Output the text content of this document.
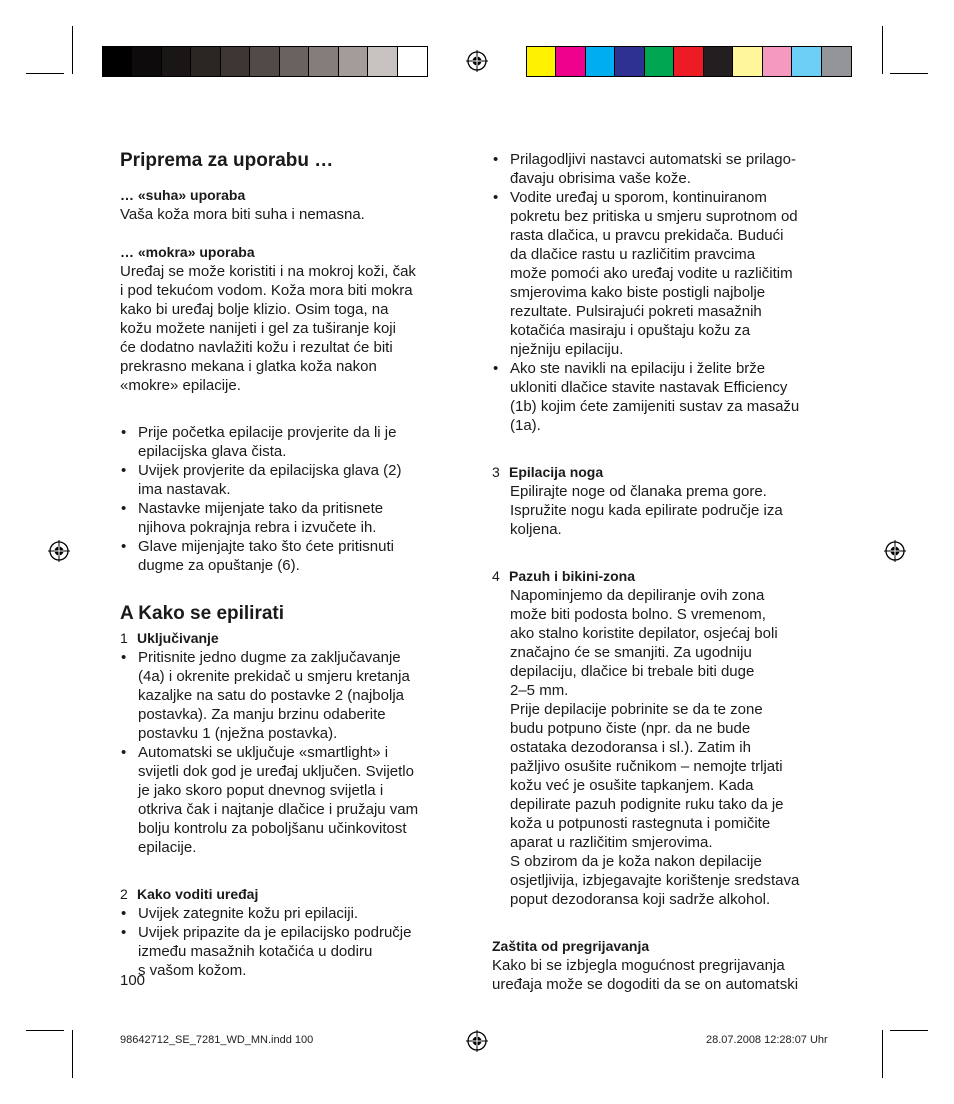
Priprema za uporabu …

… «suha» uporaba

Vaša koža mora biti suha i nemasna.

… «mokra» uporaba

Uređaj se može koristiti i na mokroj koži, čak
i pod tekućom vodom. Koža mora biti mokra
kako bi uređaj bolje klizio. Osim toga, na
kožu možete nanijeti i gel za tuširanje koji
će dodatno navlažiti kožu i rezultat će biti
prekrasno mekana i glatka koža nakon
«mokre» epilacije.
• Prije početka epilacije provjerite da li je
epilacijska glava čista.
• Uvijek provjerite da epilacijska glava (2)
ima nastavak.
• Nastavke mijenjate tako da pritisnete
njihova pokrajnja rebra i izvučete ih.
• Glave mijenjajte tako što ćete pritisnuti
dugme za opuštanje (6).
A Kako se epilirati
1 Uključivanje
• Pritisnite jedno dugme za zaključavanje
(4a) i okrenite prekidač u smjeru kretanja
kazaljke na satu do postavke 2 (najbolja
postavka). Za manju brzinu odaberite
postavku 1 (nježna postavka).
• Automatski se uključuje «smartlight» i
svijetli dok god je uređaj uključen. Svijetlo
je jako skoro poput dnevnog svijetla i
otkriva čak i najtanje dlačice i pružaju vam
bolju kontrolu za poboljšanu učinkovitost
epilacije.
2 Kako voditi uređaj
• Uvijek zategnite kožu pri epilaciji.
• Uvijek pripazite da je epilacijsko područje
između masažnih kotačića u dodiru

s vašom kožom.

100
• Prilagodljivi nastavci automatski se prilago-
đavaju obrisima vaše kože.
• Vodite uređaj u sporom, kontinuiranom
pokretu bez pritiska u smjeru suprotnom od
rasta dlačica, u pravcu prekidača. Budući
da dlačice rastu u različitim pravcima
može pomoći ako uređaj vodite u različitim
smjerovima kako biste postigli najbolje
rezultate. Pulsirajući pokreti masažnih
kotačića masiraju i opuštaju kožu za
nježniju epilaciju.
• Ako ste navikli na epilaciju i želite brže
ukloniti dlačice stavite nastavak Efficiency
(1b) kojim ćete zamijeniti sustav za masažu
(1a).
3 Epilacija noga
Epilirajte noge od članaka prema gore.
Ispružite nogu kada epilirate područje iza
koljena.
4 Pazuh i bikini-zona
Napominjemo da depiliranje ovih zona
može biti podosta bolno. S vremenom,
ako stalno koristite depilator, osjećaj boli
značajno će se smanjiti. Za ugodniju
depilaciju, dlačice bi trebale biti duge
2–5 mm.
Prije depilacije pobrinite se da te zone
budu potpuno čiste (npr. da ne bude
ostataka dezodoransa i sl.). Zatim ih
pažljivo osušite ručnikom – nemojte trljati
kožu već je osušite tapkanjem. Kada
depilirate pazuh podignite ruku tako da je
koža u potpunosti rastegnuta i pomičite
aparat u različitim smjerovima.
S obzirom da je koža nakon depilacije
osjetljivija, izbjegavajte korištenje sredstava
poput dezodoransa koji sadrže alkohol.

Zaštita od pregrijavanja

Kako bi se izbjegla mogućnost pregrijavanja
uređaja može se dogoditi da se on automatski
98642712_SE_7281_WD_MN.indd 100	28.07.2008 12:28:07 Uhr
